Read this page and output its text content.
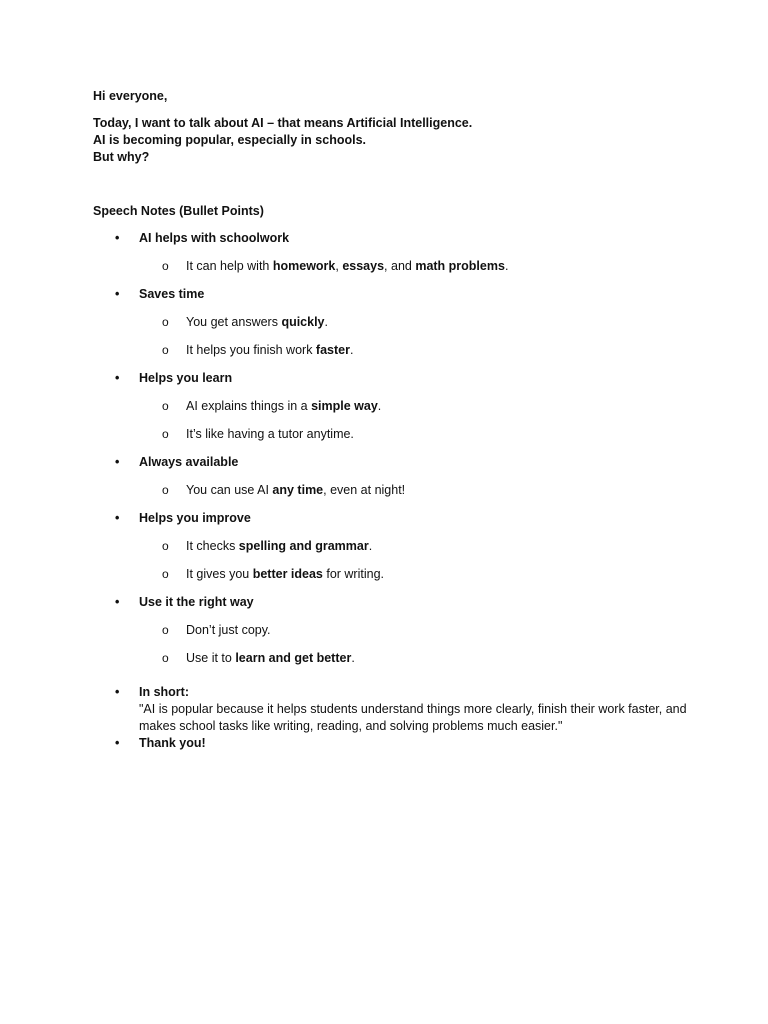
Hi everyone,

Today, I want to talk about AI – that means Artificial Intelligence.

AI is becoming popular, especially in schools.

But why?

Speech Notes (Bullet Points)

• AI helps with schoolwork
o It can help with homework, essays, and math problems.
• Saves time
o You get answers quickly.
o It helps you finish work faster.
• Helps you learn
o AI explains things in a simple way.
o It’s like having a tutor anytime.
• Always available
o You can use AI any time, even at night!
• Helps you improve
o It checks spelling and grammar.
o It gives you better ideas for writing.
• Use it the right way
o Don’t just copy.
o Use it to learn and get better.
• In short:
"AI is popular because it helps students understand things more clearly, finish their work faster, and makes school tasks like writing, reading, and solving problems much easier."
• Thank you!
